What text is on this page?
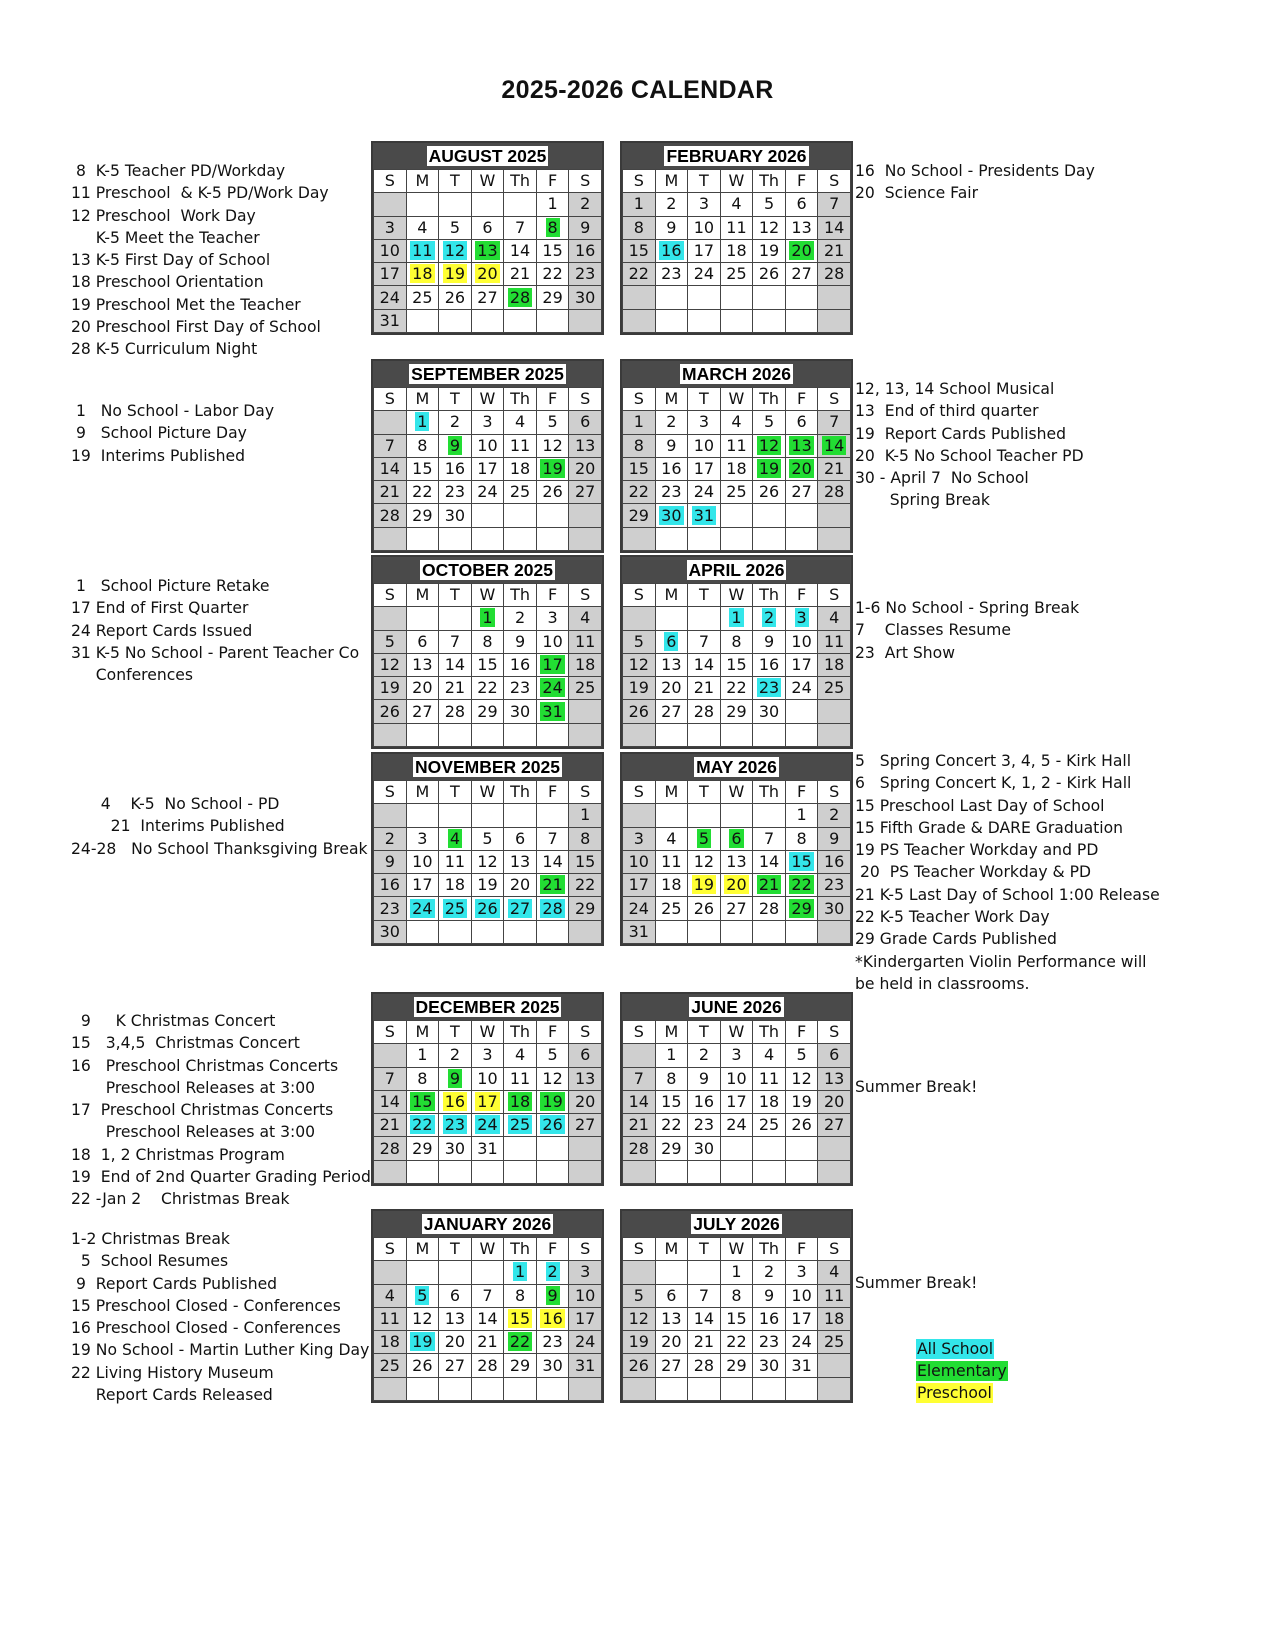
2025-2026 CALENDAR
AUGUST 2025
S	M	T	W	Th	F	S
					1	2
3	4	5	6	7	8	9
10	11	12	13	14	15	16
17	18	19	20	21	22	23
24	25	26	27	28	29	30
31						
FEBRUARY 2026
S	M	T	W	Th	F	S
1	2	3	4	5	6	7
8	9	10	11	12	13	14
15	16	17	18	19	20	21
22	23	24	25	26	27	28

SEPTEMBER 2025
S	M	T	W	Th	F	S
	1	2	3	4	5	6
7	8	9	10	11	12	13
14	15	16	17	18	19	20
21	22	23	24	25	26	27
28	29	30				

MARCH 2026
S	M	T	W	Th	F	S
1	2	3	4	5	6	7
8	9	10	11	12	13	14
15	16	17	18	19	20	21
22	23	24	25	26	27	28
29	30	31				

OCTOBER 2025
S	M	T	W	Th	F	S
			1	2	3	4
5	6	7	8	9	10	11
12	13	14	15	16	17	18
19	20	21	22	23	24	25
26	27	28	29	30	31	

APRIL 2026
S	M	T	W	Th	F	S
			1	2	3	4
5	6	7	8	9	10	11
12	13	14	15	16	17	18
19	20	21	22	23	24	25
26	27	28	29	30		

NOVEMBER 2025
S	M	T	W	Th	F	S
						1
2	3	4	5	6	7	8
9	10	11	12	13	14	15
16	17	18	19	20	21	22
23	24	25	26	27	28	29
30						
MAY 2026
S	M	T	W	Th	F	S
					1	2
3	4	5	6	7	8	9
10	11	12	13	14	15	16
17	18	19	20	21	22	23
24	25	26	27	28	29	30
31						
DECEMBER 2025
S	M	T	W	Th	F	S
	1	2	3	4	5	6
7	8	9	10	11	12	13
14	15	16	17	18	19	20
21	22	23	24	25	26	27
28	29	30	31			

JUNE 2026
S	M	T	W	Th	F	S
	1	2	3	4	5	6
7	8	9	10	11	12	13
14	15	16	17	18	19	20
21	22	23	24	25	26	27
28	29	30				

JANUARY 2026
S	M	T	W	Th	F	S
				1	2	3
4	5	6	7	8	9	10
11	12	13	14	15	16	17
18	19	20	21	22	23	24
25	26	27	28	29	30	31

JULY 2026
S	M	T	W	Th	F	S
			1	2	3	4
5	6	7	8	9	10	11
12	13	14	15	16	17	18
19	20	21	22	23	24	25
26	27	28	29	30	31	

8  K-5 Teacher PD/Workday
11 Preschool  & K-5 PD/Work Day
12 Preschool  Work Day
K-5 Meet the Teacher
13 K-5 First Day of School
18 Preschool Orientation
19 Preschool Met the Teacher
20 Preschool First Day of School
28 K-5 Curriculum Night
16  No School - Presidents Day
20  Science Fair
1   No School - Labor Day
9   School Picture Day
19  Interims Published
12, 13, 14 School Musical
13  End of third quarter
19  Report Cards Published
20  K-5 No School Teacher PD
30 - April 7  No School
Spring Break
1   School Picture Retake
17 End of First Quarter
24 Report Cards Issued
31 K-5 No School - Parent Teacher Co
Conferences
1-6 No School - Spring Break
7    Classes Resume
23  Art Show
4    K-5  No School - PD
21  Interims Published
24-28   No School Thanksgiving Break
5   Spring Concert 3, 4, 5 - Kirk Hall
6   Spring Concert K, 1, 2 - Kirk Hall
15 Preschool Last Day of School
15 Fifth Grade & DARE Graduation
19 PS Teacher Workday and PD
20  PS Teacher Workday & PD
21 K-5 Last Day of School 1:00 Release
22 K-5 Teacher Work Day
29 Grade Cards Published
*Kindergarten Violin Performance will
be held in classrooms.
9     K Christmas Concert
15   3,4,5  Christmas Concert
16   Preschool Christmas Concerts
Preschool Releases at 3:00
17  Preschool Christmas Concerts
Preschool Releases at 3:00
18  1, 2 Christmas Program
19  End of 2nd Quarter Grading Period
22 -Jan 2    Christmas Break
Summer Break!
1-2 Christmas Break
5  School Resumes
9  Report Cards Published
15 Preschool Closed - Conferences
16 Preschool Closed - Conferences
19 No School - Martin Luther King Day
22 Living History Museum
Report Cards Released
Summer Break!
All School
Elementary
Preschool
